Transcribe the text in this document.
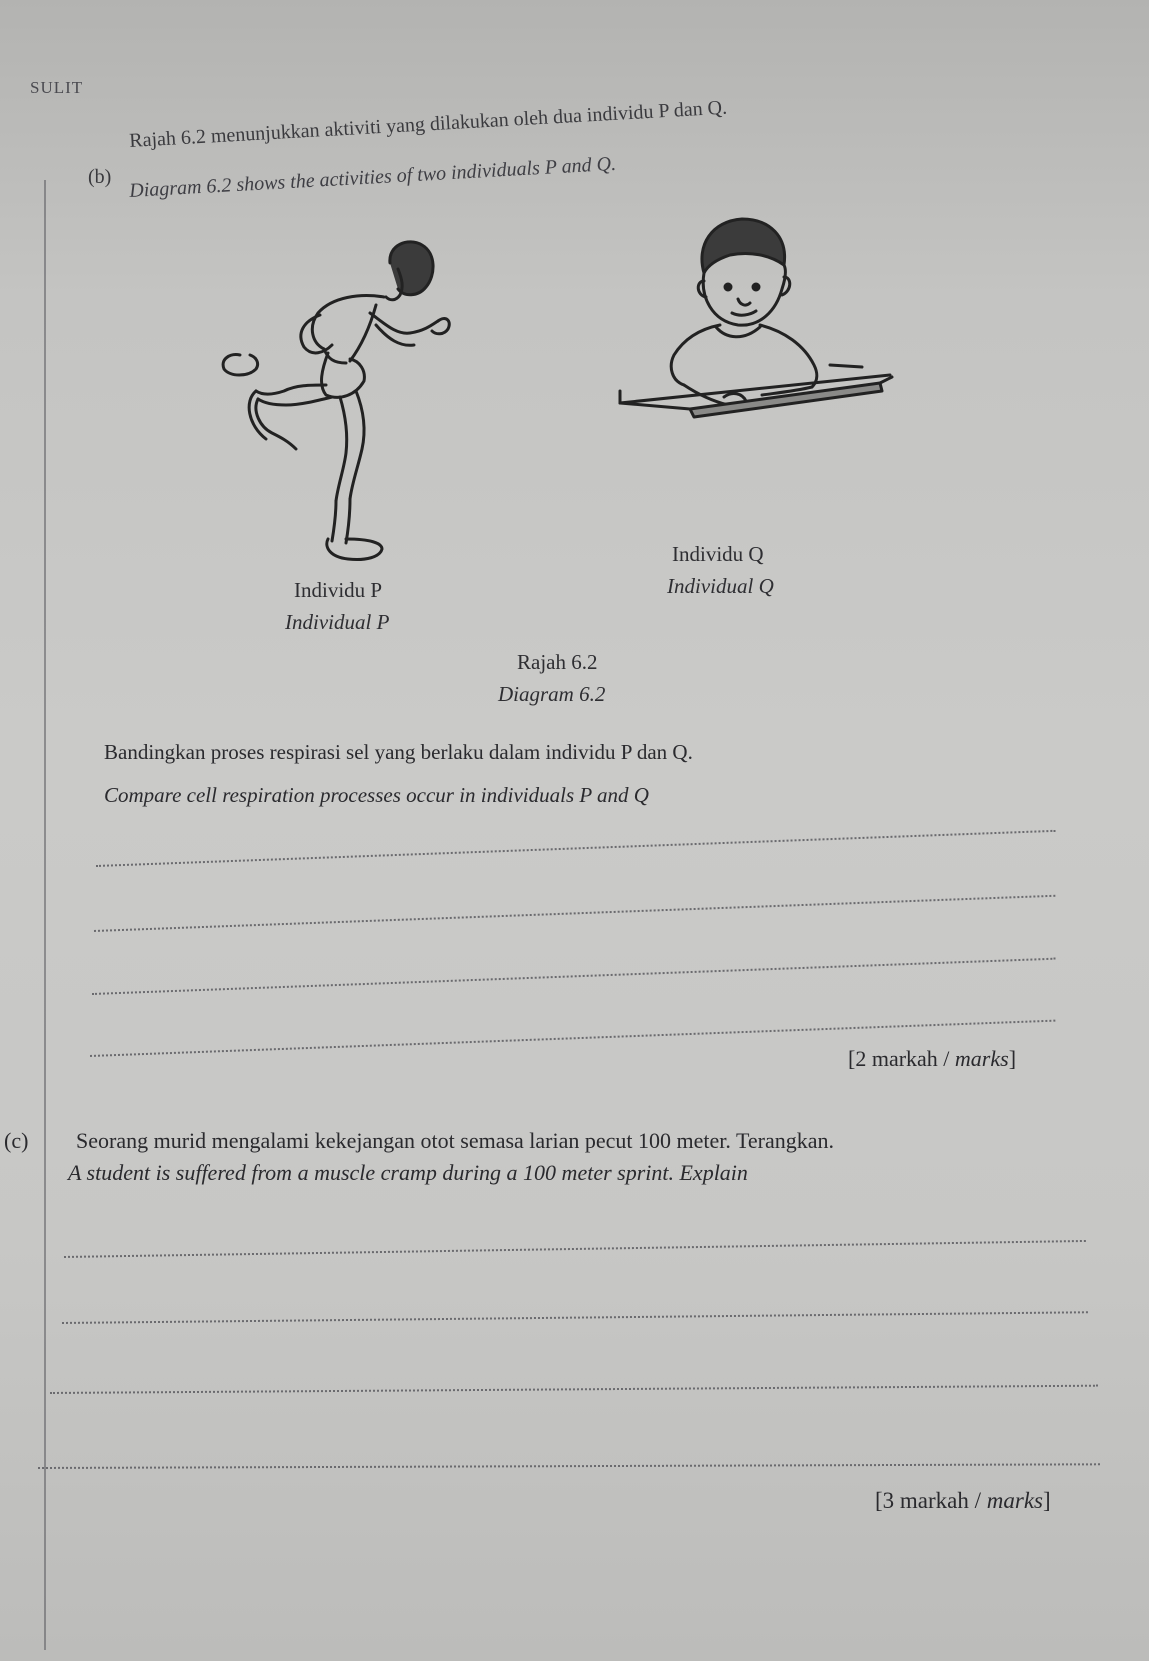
SULIT
(b)
Rajah 6.2 menunjukkan aktiviti yang dilakukan oleh dua individu P dan Q.
Diagram 6.2 shows the activities of two individuals P and Q.
Individu P
Individual P
Individu Q
Individual Q
Rajah 6.2
Diagram 6.2
Bandingkan proses respirasi sel yang berlaku dalam individu P dan Q.
Compare cell respiration processes occur in individuals P and Q
[2 markah / marks]
(c) Seorang murid mengalami kekejangan otot semasa larian pecut 100 meter. Terangkan.
A student is suffered from a muscle cramp during a 100 meter sprint. Explain
[3 markah / marks]
